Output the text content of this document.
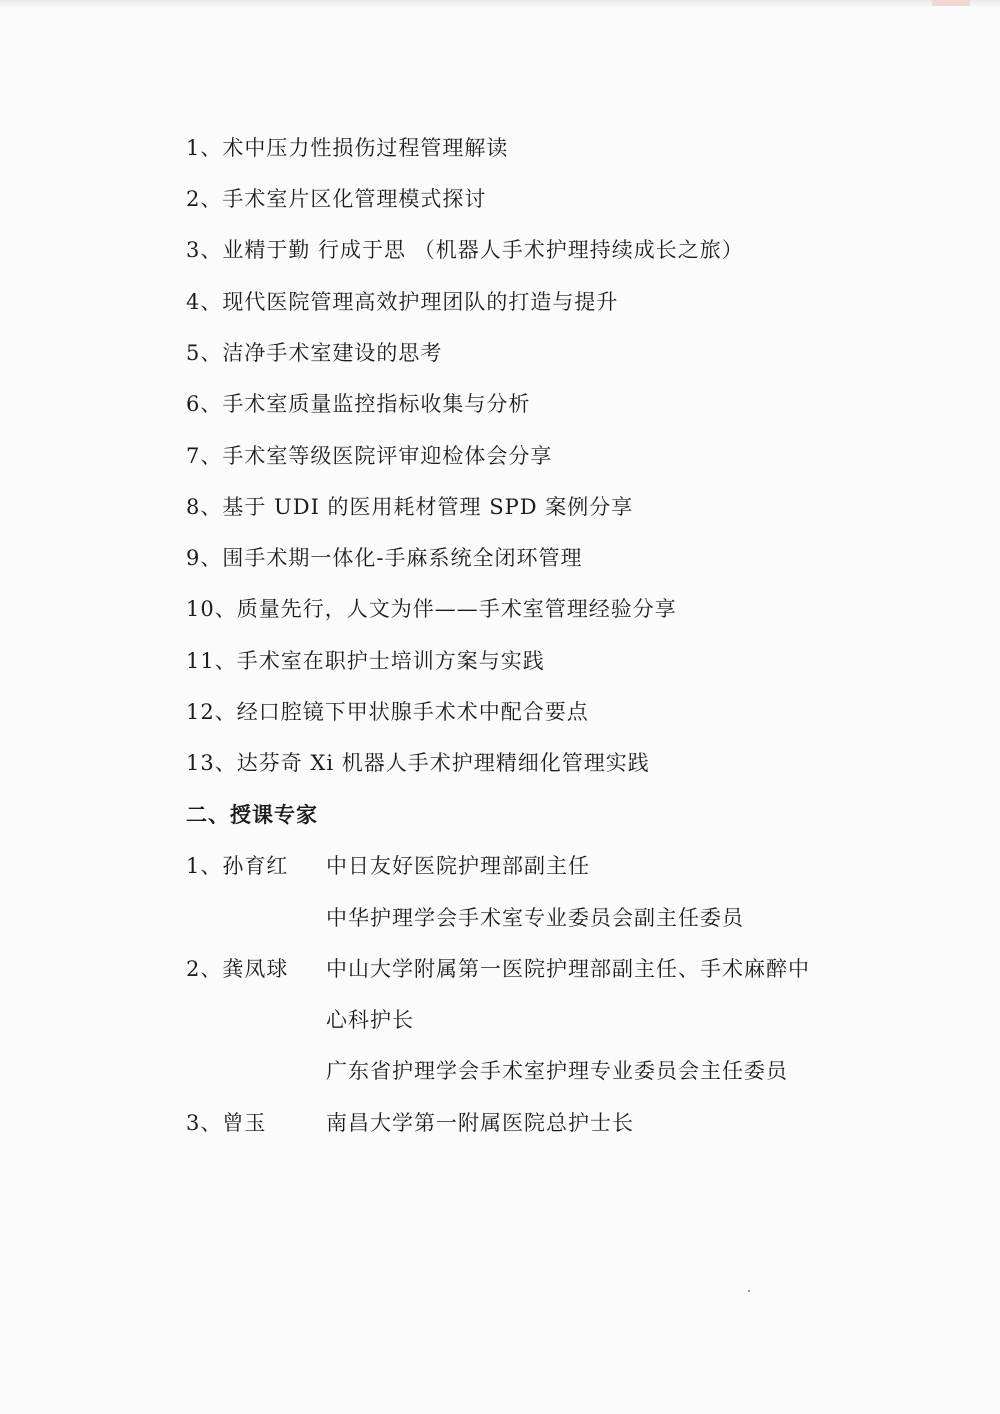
1、术中压力性损伤过程管理解读
2、手术室片区化管理模式探讨
3、业精于勤 行成于思 （机器人手术护理持续成长之旅）
4、现代医院管理高效护理团队的打造与提升
5、洁净手术室建设的思考
6、手术室质量监控指标收集与分析
7、手术室等级医院评审迎检体会分享
8、基于 UDI 的医用耗材管理 SPD 案例分享
9、围手术期一体化-手麻系统全闭环管理
10、质量先行，人文为伴——手术室管理经验分享
11、手术室在职护士培训方案与实践
12、经口腔镜下甲状腺手术术中配合要点
13、达芬奇 Xi 机器人手术护理精细化管理实践
二、授课专家
1、孙育红 中日友好医院护理部副主任
中华护理学会手术室专业委员会副主任委员
2、龚凤球 中山大学附属第一医院护理部副主任、手术麻醉中
心科护长
广东省护理学会手术室护理专业委员会主任委员
3、曾玉	南昌大学第一附属医院总护士长
